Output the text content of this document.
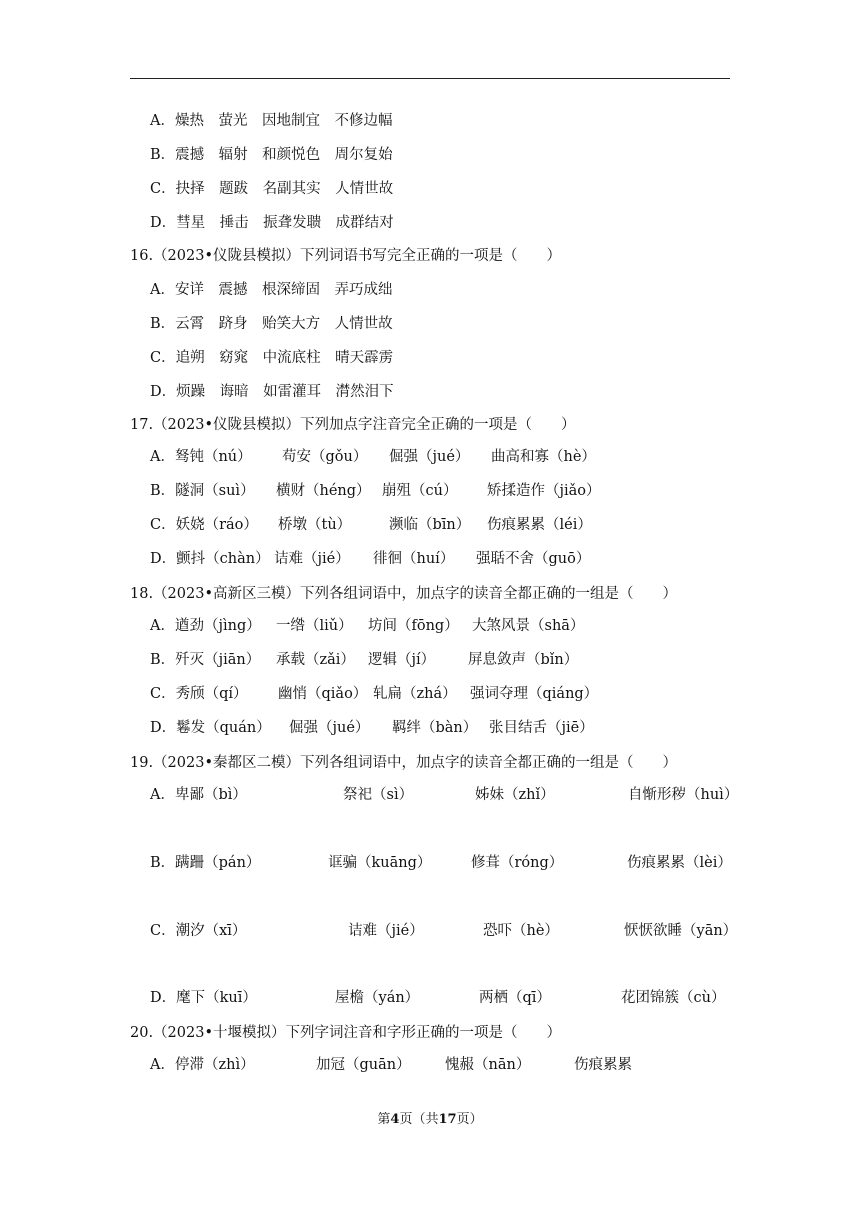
A．燥热　萤光　因地制宜　不修边幅
B．震撼　辐射　和颜悦色　周尔复始
C．抉择　题跋　名副其实　人情世故
D．彗星　捶击　振聋发聩　成群结对
16.（2023•仪陇县模拟）下列词语书写完全正确的一项是（　　）
A．安详　震撼　根深缔固　弄巧成绌
B．云霄　跻身　贻笑大方　人情世故
C．追朔　窈窕　中流底柱　晴天霹雳
D．烦躁　诲暗　如雷灌耳　潸然泪下
17.（2023•仪陇县模拟）下列加点字注音完全正确的一项是（　　）
A．驽钝（nú） 苟安（gǒu） 倔强（jué） 曲高和寡（hè）
B．隧洞（suì） 横财（héng） 崩殂（cú） 矫揉造作（jiǎo）
C．妖娆（ráo） 桥墩（tù）	濒临（bīn） 伤痕累累（léi）
D．颤抖（chàn） 诘难（jié） 徘徊（huí） 强聒不舍（guō）
18.（2023•高新区三模）下列各组词语中，加点字的读音全都正确的一组是（　　）
A．遒劲（jìng） 一绺（liǔ） 坊间（fōng） 大煞风景（shā）
B．歼灭（jiān） 承载（zǎi） 逻辑（jí） 屏息敛声（bǐn）
C．秀颀（qí） 幽悄（qiǎo） 轧扁（zhá） 强词夺理（qiáng）
D．鬈发（quán） 倔强（jué） 羁绊（bàn） 张目结舌（jiē）
19.（2023•秦都区二模）下列各组词语中，加点字的读音全都正确的一组是（　　）
A．卑鄙（bì）	祭祀（sì）	姊妹（zhǐ）	自惭形秽（huì）
B．蹒跚（pán）	诓骗（kuāng）	修葺（róng）	伤痕累累（lèi）
C．潮汐（xī）	诘难（jié）	恐吓（hè）	恹恹欲睡（yān）
D．麾下（kuī）	屋檐（yán）	两栖（qī）	花团锦簇（cù）
20.（2023•十堰模拟）下列字词注音和字形正确的一项是（　　）
A．停滞（zhì）	加冠（guān） 愧赧（nān）	伤痕累累
第4页（共17页）
